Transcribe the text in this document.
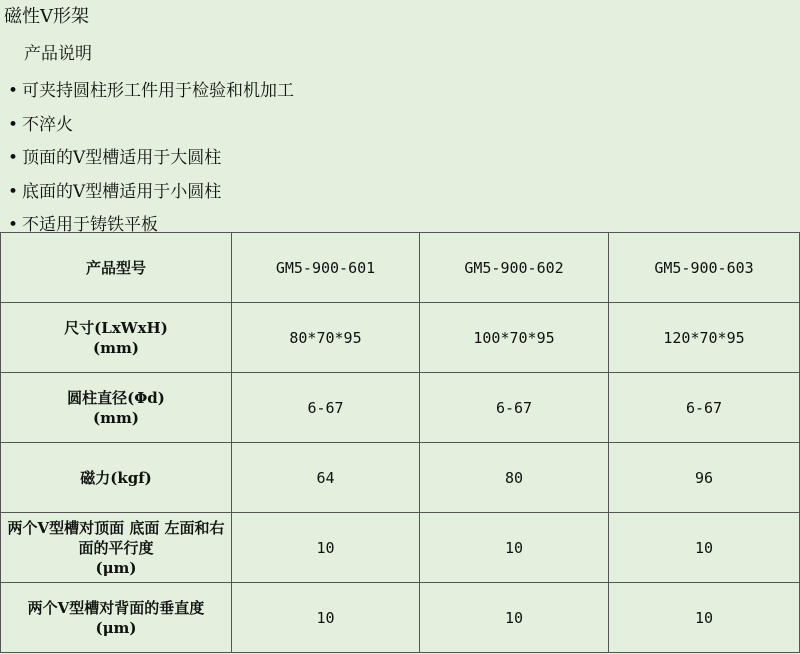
磁性V形架
产品说明
• 可夹持圆柱形工件用于检验和机加工
• 不淬火
• 顶面的V型槽适用于大圆柱
• 底面的V型槽适用于小圆柱
• 不适用于铸铁平板
产品型号	GM5-900-601	GM5-900-602	GM5-900-603

尺寸(LxWxH)
(mm)	80*70*95	100*70*95	120*70*95

圆柱直径(Φd)
(mm)	6-67	6-67	6-67

磁力(kgf)	64	80	96

两个V型槽对顶面 底面 左面和右面的平行度
(μm)	10	10	10

两个V型槽对背面的垂直度
(μm)	10	10	10
